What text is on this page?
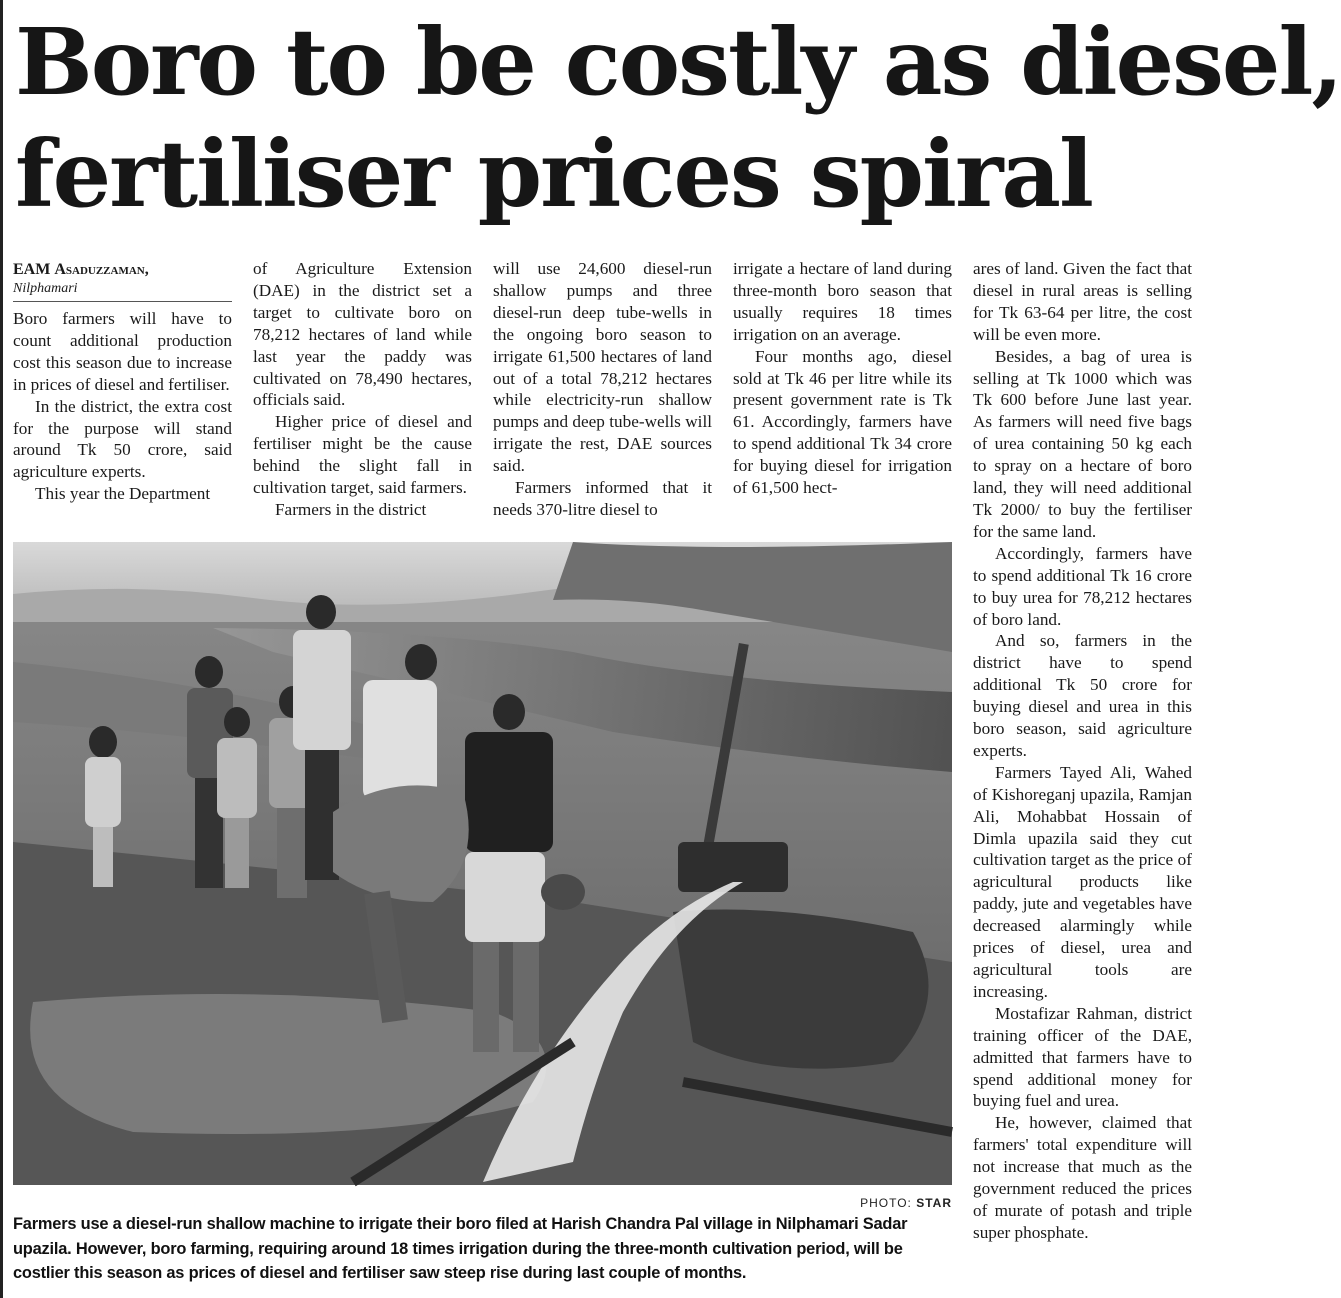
Boro to be costly as diesel,
fertiliser prices spiral
EAM Asaduzzaman,
Nilphamari

Boro farmers will have to count additional production cost this season due to increase in prices of diesel and fertiliser.

In the district, the extra cost for the purpose will stand around Tk 50 crore, said agriculture experts.

This year the Department

of Agriculture Extension (DAE) in the district set a target to cultivate boro on 78,212 hectares of land while last year the paddy was cultivated on 78,490 hectares, officials said.

Higher price of diesel and fertiliser might be the cause behind the slight fall in cultivation target, said farmers.

Farmers in the district

will use 24,600 diesel-run shallow pumps and three diesel-run deep tube-wells in the ongoing boro season to irrigate 61,500 hectares of land out of a total 78,212 hectares while electricity-run shallow pumps and deep tube-wells will irrigate the rest, DAE sources said.

Farmers informed that it needs 370-litre diesel to

irrigate a hectare of land during three-month boro season that usually requires 18 times irrigation on an average.

Four months ago, diesel sold at Tk 46 per litre while its present government rate is Tk 61. Accordingly, farmers have to spend additional Tk 34 crore for buying diesel for irrigation of 61,500 hect-

ares of land. Given the fact that diesel in rural areas is selling for Tk 63-64 per litre, the cost will be even more.

Besides, a bag of urea is selling at Tk 1000 which was Tk 600 before June last year. As farmers will need five bags of urea containing 50 kg each to spray on a hectare of boro land, they will need additional Tk 2000/ to buy the fertiliser for the same land.

Accordingly, farmers have to spend additional Tk 16 crore to buy urea for 78,212 hectares of boro land.

And so, farmers in the district have to spend additional Tk 50 crore for buying diesel and urea in this boro season, said agriculture experts.

Farmers Tayed Ali, Wahed of Kishoreganj upazila, Ramjan Ali, Mohabbat Hossain of Dimla upazila said they cut cultivation target as the price of agricultural products like paddy, jute and vegetables have decreased alarmingly while prices of diesel, urea and agricultural tools are increasing.

Mostafizar Rahman, district training officer of the DAE, admitted that farmers have to spend additional money for buying fuel and urea.

He, however, claimed that farmers' total expenditure will not increase that much as the government reduced the prices of murate of potash and triple super phosphate.

PHOTO: STAR
Farmers use a diesel-run shallow machine to irrigate their boro filed at Harish Chandra Pal village in Nilphamari Sadar upazila. However, boro farming, requiring around 18 times irrigation during the three-month cultivation period, will be costlier this season as prices of diesel and fertiliser saw steep rise during last couple of months.
